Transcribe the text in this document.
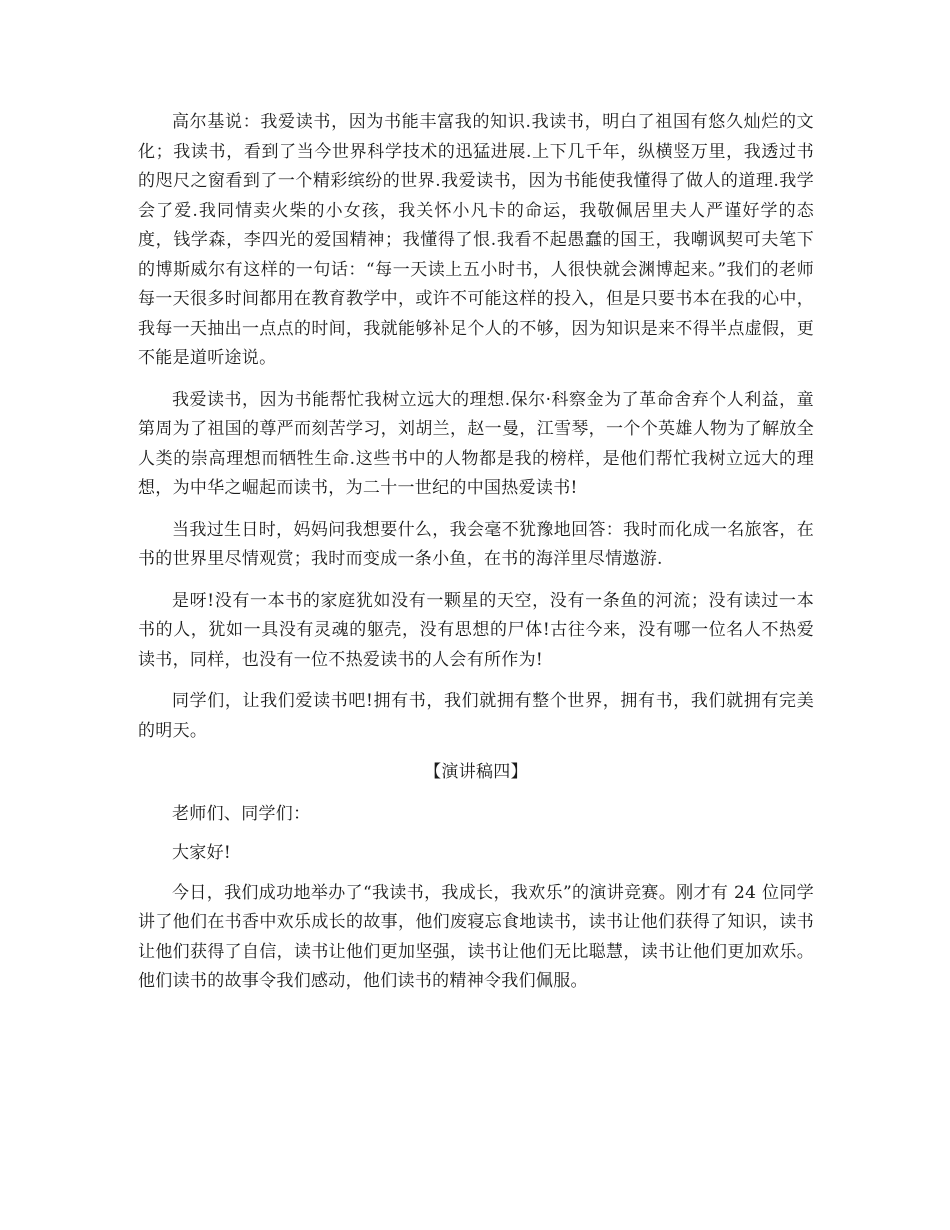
高尔基说：我爱读书，因为书能丰富我的知识.我读书，明白了祖国有悠久灿烂的文化；我读书，看到了当今世界科学技术的迅猛进展.上下几千年，纵横竖万里，我透过书的咫尺之窗看到了一个精彩缤纷的世界.我爱读书，因为书能使我懂得了做人的道理.我学会了爱.我同情卖火柴的小女孩，我关怀小凡卡的命运，我敬佩居里夫人严谨好学的态度，钱学森，李四光的爱国精神；我懂得了恨.我看不起愚蠢的国王，我嘲讽契可夫笔下的博斯威尔有这样的一句话：“每一天读上五小时书，人很快就会渊博起来。”我们的老师每一天很多时间都用在教育教学中，或许不可能这样的投入，但是只要书本在我的心中，我每一天抽出一点点的时间，我就能够补足个人的不够，因为知识是来不得半点虚假，更不能是道听途说。

我爱读书，因为书能帮忙我树立远大的理想.保尔·科察金为了革命舍弃个人利益，童第周为了祖国的尊严而刻苦学习，刘胡兰，赵一曼，江雪琴，一个个英雄人物为了解放全人类的崇高理想而牺牲生命.这些书中的人物都是我的榜样，是他们帮忙我树立远大的理想，为中华之崛起而读书，为二十一世纪的中国热爱读书!

当我过生日时，妈妈问我想要什么，我会毫不犹豫地回答：我时而化成一名旅客，在书的世界里尽情观赏；我时而变成一条小鱼，在书的海洋里尽情遨游.

是呀!没有一本书的家庭犹如没有一颗星的天空，没有一条鱼的河流；没有读过一本书的人，犹如一具没有灵魂的躯壳，没有思想的尸体!古往今来，没有哪一位名人不热爱读书，同样，也没有一位不热爱读书的人会有所作为!

同学们，让我们爱读书吧!拥有书，我们就拥有整个世界，拥有书，我们就拥有完美的明天。

【演讲稿四】

老师们、同学们：

大家好!

今日，我们成功地举办了“我读书，我成长，我欢乐”的演讲竞赛。刚才有 24 位同学讲了他们在书香中欢乐成长的故事，他们废寝忘食地读书，读书让他们获得了知识，读书让他们获得了自信，读书让他们更加坚强，读书让他们无比聪慧，读书让他们更加欢乐。他们读书的故事令我们感动，他们读书的精神令我们佩服。
